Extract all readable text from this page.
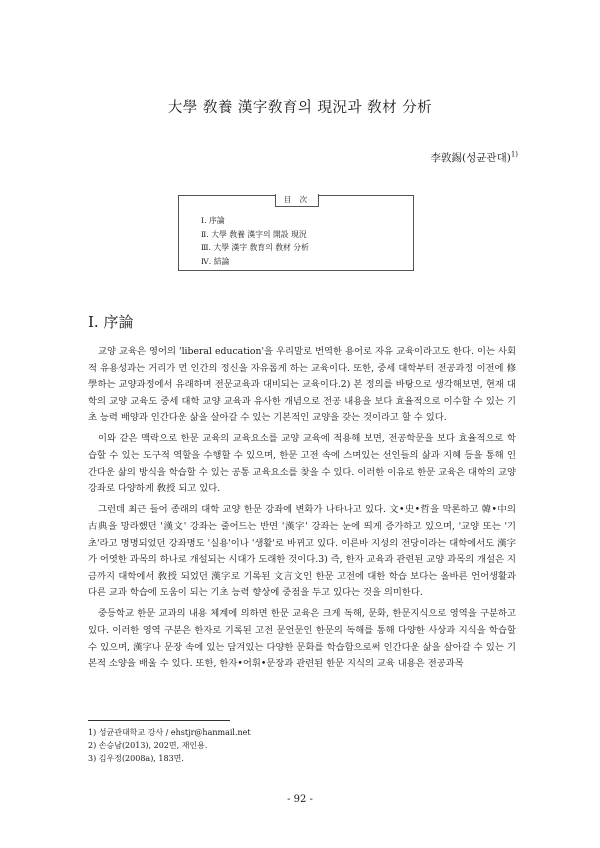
大學 敎養 漢字敎育의 現況과 敎材 分析
李敦錫(성균관대)$^{1)}$
目 次
Ⅰ. 序論
Ⅱ. 大學 敎養 漢字의 開設 現況
Ⅲ. 大學 漢字 敎育의 敎材 分析
Ⅳ. 結論
Ⅰ. 序論

교양 교육은 영어의 'liberal education'을 우리말로 번역한 용어로 자유 교육이라고도 한다. 이는 사회적 유용성과는 거리가 먼 인간의 정신을 자유롭게 하는 교육이다. 또한, 중세 대학부터 전공과정 이전에 修學하는 교양과정에서 유래하며 전문교육과 대비되는 교육이다.2) 본 정의를 바탕으로 생각해보면, 현재 대학의 교양 교육도 중세 대학 교양 교육과 유사한 개념으로 전공 내용을 보다 효율적으로 이수할 수 있는 기초 능력 배양과 인간다운 삶을 살아갈 수 있는 기본적인 교양을 갖는 것이라고 할 수 있다.

이와 같은 맥락으로 한문 교육의 교육요소를 교양 교육에 적용해 보면, 전공학문을 보다 효율적으로 학습할 수 있는 도구적 역할을 수행할 수 있으며, 한문 고전 속에 스며있는 선인들의 삶과 지혜 등을 통해 인간다운 삶의 방식을 학습할 수 있는 공통 교육요소를 찾을 수 있다. 이러한 이유로 한문 교육은 대학의 교양 강좌로 다양하게 敎授 되고 있다.

그런데 최근 들어 종래의 대학 교양 한문 강좌에 변화가 나타나고 있다. 文•史•哲을 막론하고 韓•中의 古典을 망라했던 '漢文' 강좌는 줄어드는 반면 '漢字' 강좌는 눈에 띄게 증가하고 있으며, '교양 또는 '기초'라고 명명되었던 강좌명도 '실용'이나 '생활'로 바뀌고 있다. 이른바 지성의 전당이라는 대학에서도 漢字가 어엿한 과목의 하나로 개설되는 시대가 도래한 것이다.3) 즉, 한자 교육과 관련된 교양 과목의 개설은 지금까지 대학에서 敎授 되었던 漢字로 기록된 文言文인 한문 고전에 대한 학습 보다는 올바른 언어생활과 다른 교과 학습에 도움이 되는 기초 능력 향상에 중점을 두고 있다는 것을 의미한다.

중등학교 한문 교과의 내용 체계에 의하면 한문 교육은 크게 독해, 문화, 한문지식으로 영역을 구분하고 있다. 이러한 영역 구분은 한자로 기록된 고전 문언문인 한문의 독해를 통해 다양한 사상과 지식을 학습할 수 있으며, 漢字나 문장 속에 있는 담겨있는 다양한 문화를 학습함으로써 인간다운 삶을 살아갈 수 있는 기본적 소양을 배울 수 있다. 또한, 한자•어휘•문장과 관련된 한문 지식의 교육 내용은 전공과목

1) 성균관대학교 강사 / ehstjr@hanmail.net
2) 손승남(2013), 202면, 재인용.
3) 김우정(2008a), 183면.
- 92 -
